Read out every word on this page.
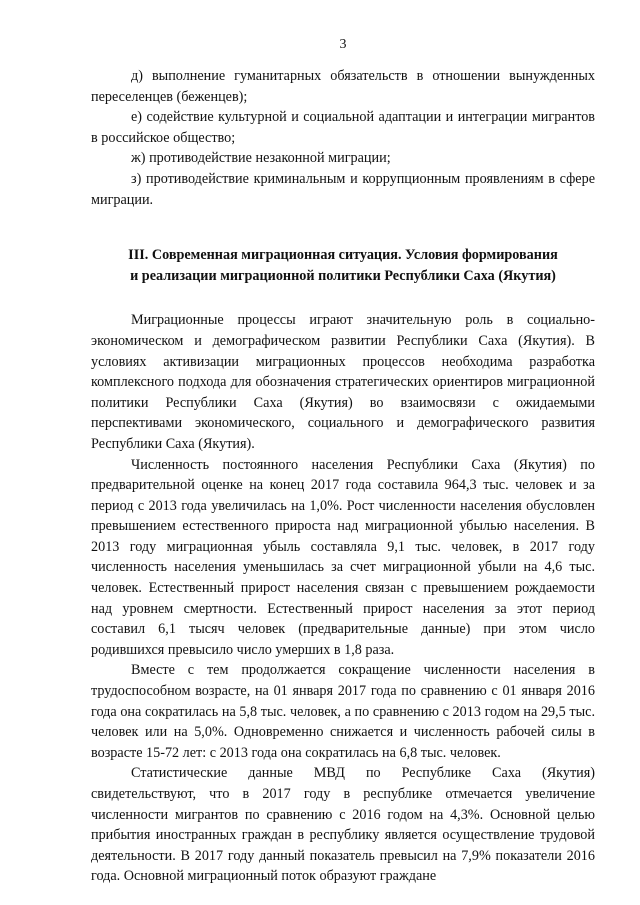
3

д) выполнение гуманитарных обязательств в отношении вынужденных переселенцев (беженцев);

е) содействие культурной и социальной адаптации и интеграции мигрантов в российское общество;

ж) противодействие незаконной миграции;

з) противодействие криминальным и коррупционным проявлениям в сфере миграции.

III. Современная миграционная ситуация. Условия формирования
и реализации миграционной политики Республики Саха (Якутия)

Миграционные процессы играют значительную роль в социально-экономическом и демографическом развитии Республики Саха (Якутия). В условиях активизации миграционных процессов необходима разработка комплексного подхода для обозначения стратегических ориентиров миграционной политики Республики Саха (Якутия) во взаимосвязи с ожидаемыми перспективами экономического, социального и демографического развития Республики Саха (Якутия).

Численность постоянного населения Республики Саха (Якутия) по предварительной оценке на конец 2017 года составила 964,3 тыс. человек и за период с 2013 года увеличилась на 1,0%. Рост численности населения обусловлен превышением естественного прироста над миграционной убылью населения. В 2013 году миграционная убыль составляла 9,1 тыс. человек, в 2017 году численность населения уменьшилась за счет миграционной убыли на 4,6 тыс. человек. Естественный прирост населения связан с превышением рождаемости над уровнем смертности. Естественный прирост населения за этот период составил 6,1 тысяч человек (предварительные данные) при этом число родившихся превысило число умерших в 1,8 раза.

Вместе с тем продолжается сокращение численности населения в трудоспособном возрасте, на 01 января 2017 года по сравнению с 01 января 2016 года она сократилась на 5,8 тыс. человек, а по сравнению с 2013 годом на 29,5 тыс. человек или на 5,0%. Одновременно снижается и численность рабочей силы в возрасте 15-72 лет: с 2013 года она сократилась на 6,8 тыс. человек.

Статистические данные МВД по Республике Саха (Якутия) свидетельствуют, что в 2017 году в республике отмечается увеличение численности мигрантов по сравнению с 2016 годом на 4,3%. Основной целью прибытия иностранных граждан в республику является осуществление трудовой деятельности. В 2017 году данный показатель превысил на 7,9% показатели 2016 года. Основной миграционный поток образуют граждане
